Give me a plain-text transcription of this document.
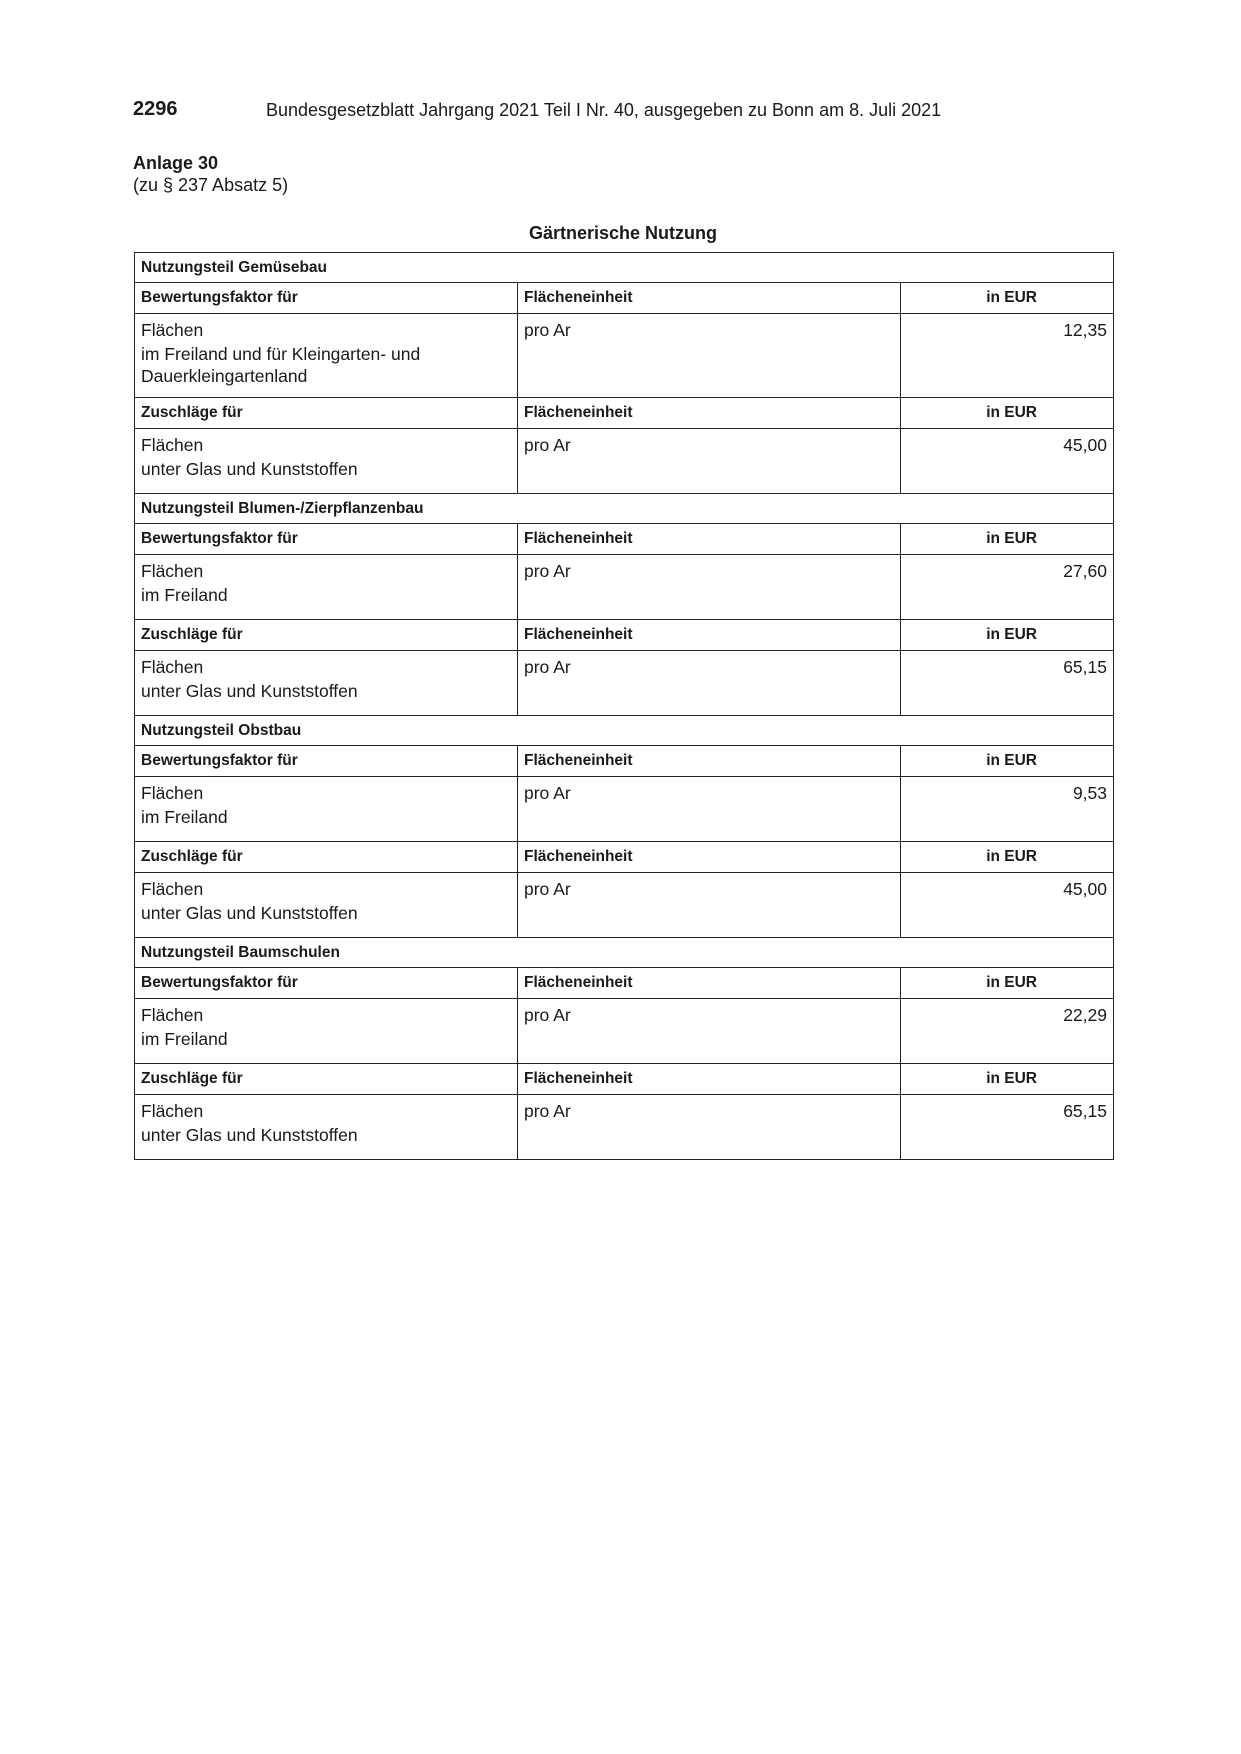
2296	Bundesgesetzblatt Jahrgang 2021 Teil I Nr. 40, ausgegeben zu Bonn am 8. Juli 2021
Anlage 30
(zu § 237 Absatz 5)
Gärtnerische Nutzung
Nutzungsteil Gemüsebau		
Bewertungsfaktor für	Flächeneinheit	in EUR

Flächen
im Freiland und für Kleingarten- und Dauerkleingartenland	pro Ar	12,35
Zuschläge für	Flächeneinheit	in EUR

Flächen
unter Glas und Kunststoffen	pro Ar	45,00
Nutzungsteil Blumen-/Zierpflanzenbau		
Bewertungsfaktor für	Flächeneinheit	in EUR

Flächen
im Freiland	pro Ar	27,60
Zuschläge für	Flächeneinheit	in EUR

Flächen
unter Glas und Kunststoffen	pro Ar	65,15
Nutzungsteil Obstbau		
Bewertungsfaktor für	Flächeneinheit	in EUR

Flächen
im Freiland	pro Ar	9,53
Zuschläge für	Flächeneinheit	in EUR

Flächen
unter Glas und Kunststoffen	pro Ar	45,00
Nutzungsteil Baumschulen		
Bewertungsfaktor für	Flächeneinheit	in EUR

Flächen
im Freiland	pro Ar	22,29
Zuschläge für	Flächeneinheit	in EUR

Flächen
unter Glas und Kunststoffen	pro Ar	65,15
